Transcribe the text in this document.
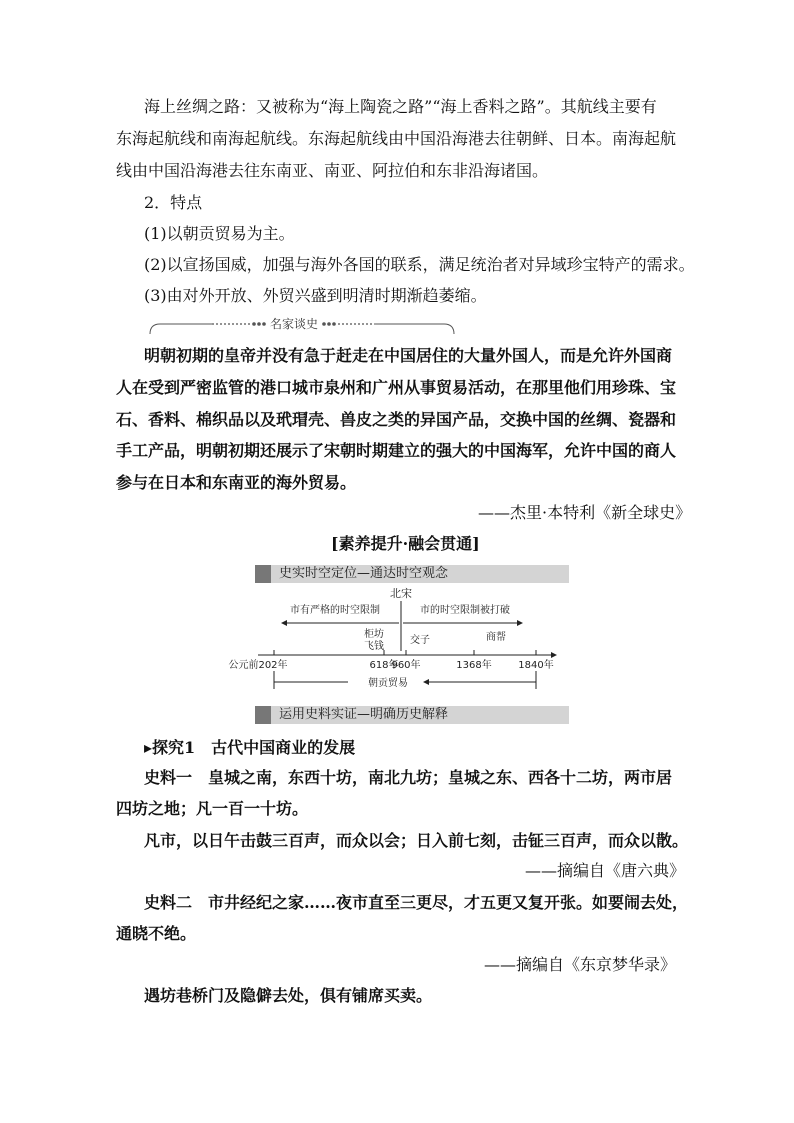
海上丝绸之路：又被称为“海上陶瓷之路”“海上香料之路”。其航线主要有
东海起航线和南海起航线。东海起航线由中国沿海港去往朝鲜、日本。南海起航
线由中国沿海港去往东南亚、南亚、阿拉伯和东非沿海诸国。
2．特点
(1)以朝贡贸易为主。
(2)以宣扬国威，加强与海外各国的联系，满足统治者对异域珍宝特产的需求。
(3)由对外开放、外贸兴盛到明清时期渐趋萎缩。
名家谈史
明朝初期的皇帝并没有急于赶走在中国居住的大量外国人，而是允许外国商
人在受到严密监管的港口城市泉州和广州从事贸易活动，在那里他们用珍珠、宝
石、香料、棉织品以及玳瑁壳、兽皮之类的异国产品，交换中国的丝绸、瓷器和
手工产品，明朝初期还展示了宋朝时期建立的强大的中国海军，允许中国的商人
参与在日本和东南亚的海外贸易。
——杰里·本特利《新全球史》
[素养提升·融会贯通]
史实时空定位—通达时空观念
北宋
市有严格的时空限制	市的时空限制被打破
柜坊
飞钱
交子	商帮
公元前202年	618年
960年	1368年	1840年
朝贡贸易
运用史料实证—明确历史解释
▸探究1　古代中国商业的发展
史料一　皇城之南，东西十坊，南北九坊；皇城之东、西各十二坊，两市居
四坊之地；凡一百一十坊。
凡市，以日午击鼓三百声，而众以会；日入前七刻，击钲三百声，而众以散。
——摘编自《唐六典》
史料二　市井经纪之家……夜市直至三更尽，才五更又复开张。如要闹去处，
通晓不绝。
——摘编自《东京梦华录》
遇坊巷桥门及隐僻去处，俱有铺席买卖。
